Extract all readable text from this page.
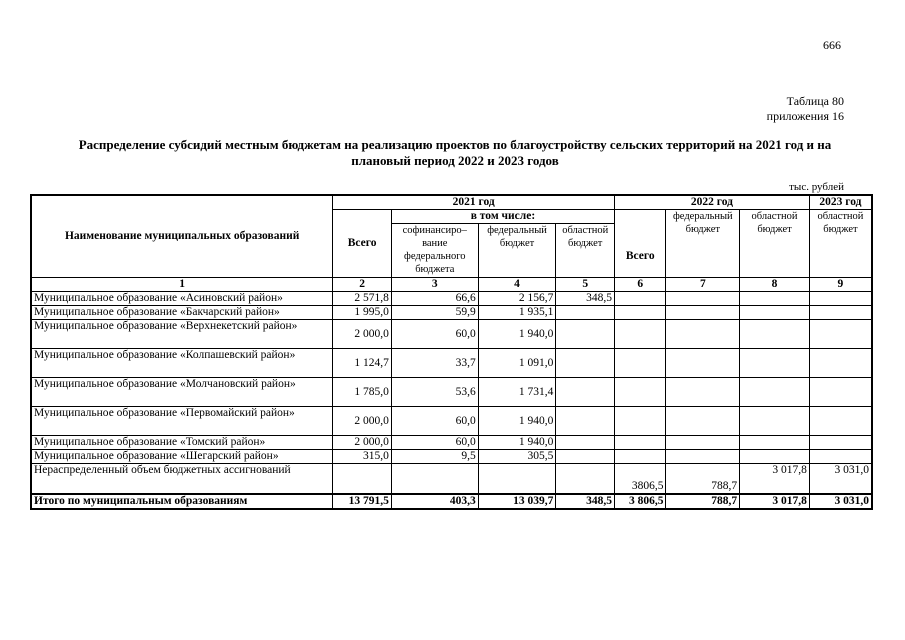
666
Таблица 80
приложения 16
Распределение субсидий местным бюджетам на реализацию проектов по благоустройству сельских территорий на 2021 год и на плановый период 2022 и 2023 годов
тыс. рублей
Наименование муниципальных образований	2021 год				2022 год			2023 год
	Всего	в том числе:			Всего	федеральный бюджет	областной бюджет	областной бюджет
		софинансиро–вание федерального бюджета	федеральный бюджет	областной бюджет				
1	2	3	4	5	6	7	8	9
Муниципальное образование «Асиновский район»	2 571,8	66,6	2 156,7	348,5				
Муниципальное образование «Бакчарский район»	1 995,0	59,9	1 935,1					
Муниципальное образование «Верхнекетский район»	2 000,0	60,0	1 940,0					
Муниципальное образование «Колпашевский район»	1 124,7	33,7	1 091,0					
Муниципальное образование «Молчановский район»	1 785,0	53,6	1 731,4					
Муниципальное образование «Первомайский район»	2 000,0	60,0	1 940,0					
Муниципальное образование «Томский район»	2 000,0	60,0	1 940,0					
Муниципальное образование «Шегарский район»	315,0	9,5	305,5					
Нераспределенный объем бюджетных ассигнований					3806,5	788,7	3 017,8	3 031,0
Итого по муниципальным образованиям	13 791,5	403,3	13 039,7	348,5	3 806,5	788,7	3 017,8	3 031,0
